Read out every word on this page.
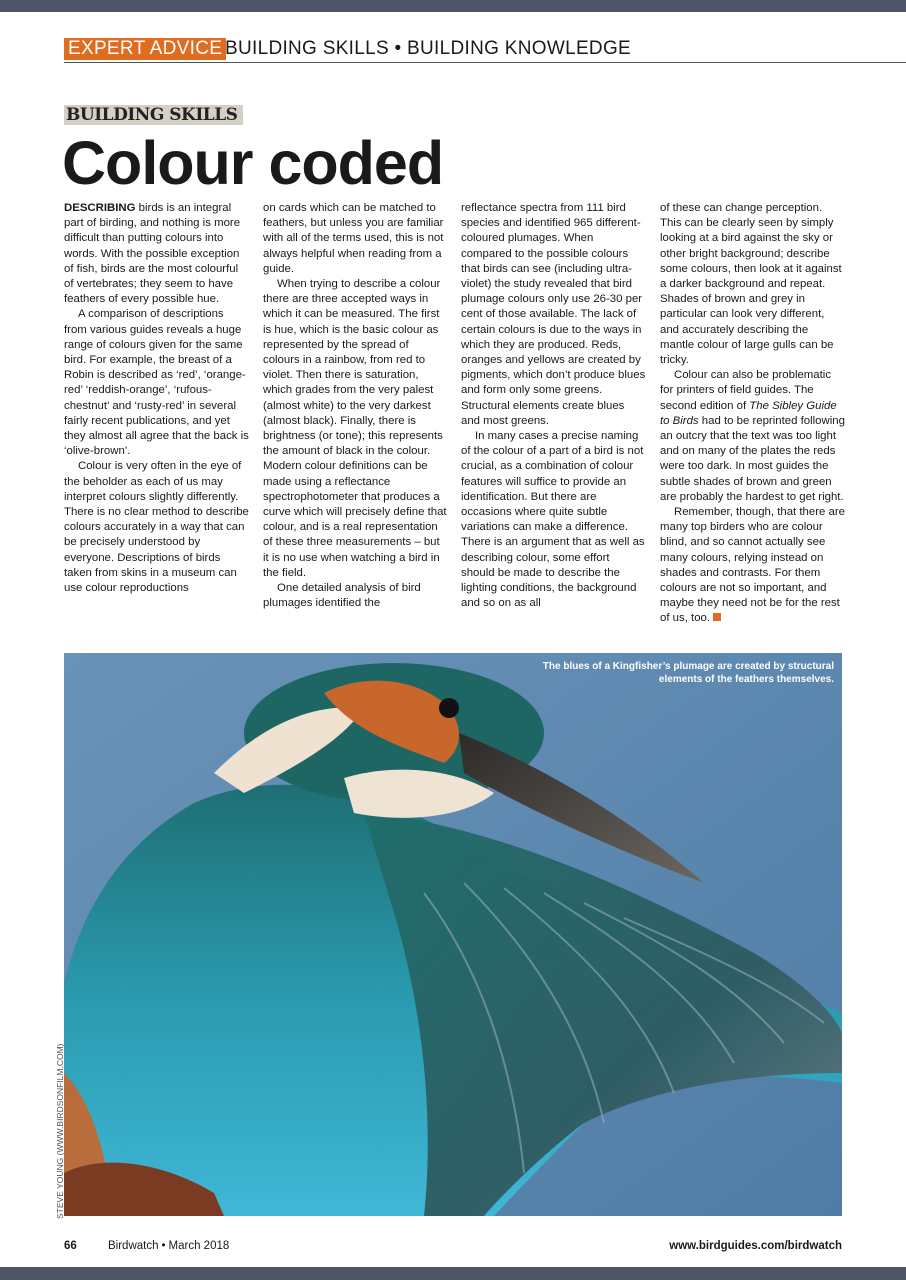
EXPERT ADVICE BUILDING SKILLS • BUILDING KNOWLEDGE
BUILDING SKILLS
Colour coded

DESCRIBING birds is an integral part of birding, and nothing is more difficult than putting colours into words. With the possible exception of fish, birds are the most colourful of vertebrates; they seem to have feathers of every possible hue.

A comparison of descriptions from various guides reveals a huge range of colours given for the same bird. For example, the breast of a Robin is described as ‘red’, ‘orange-red’ ‘reddish-orange’, ‘rufous-chestnut’ and ‘rusty-red’ in several fairly recent publications, and yet they almost all agree that the back is ‘olive-brown’.

Colour is very often in the eye of the beholder as each of us may interpret colours slightly differently. There is no clear method to describe colours accurately in a way that can be precisely understood by everyone. Descriptions of birds taken from skins in a museum can use colour reproductions

on cards which can be matched to feathers, but unless you are familiar with all of the terms used, this is not always helpful when reading from a guide.

When trying to describe a colour there are three accepted ways in which it can be measured. The first is hue, which is the basic colour as represented by the spread of colours in a rainbow, from red to violet. Then there is saturation, which grades from the very palest (almost white) to the very darkest (almost black). Finally, there is brightness (or tone); this represents the amount of black in the colour. Modern colour definitions can be made using a reflectance spectrophotometer that produces a curve which will precisely define that colour, and is a real representation of these three measurements – but it is no use when watching a bird in the field.

One detailed analysis of bird plumages identified the

reflectance spectra from 111 bird species and identified 965 different-coloured plumages. When compared to the possible colours that birds can see (including ultra-violet) the study revealed that bird plumage colours only use 26-30 per cent of those available. The lack of certain colours is due to the ways in which they are produced. Reds, oranges and yellows are created by pigments, which don’t produce blues and form only some greens. Structural elements create blues and most greens.

In many cases a precise naming of the colour of a part of a bird is not crucial, as a combination of colour features will suffice to provide an identification. But there are occasions where quite subtle variations can make a difference. There is an argument that as well as describing colour, some effort should be made to describe the lighting conditions, the background and so on as all

of these can change perception. This can be clearly seen by simply looking at a bird against the sky or other bright background; describe some colours, then look at it against a darker background and repeat. Shades of brown and grey in particular can look very different, and accurately describing the mantle colour of large gulls can be tricky.

Colour can also be problematic for printers of field guides. The second edition of The Sibley Guide to Birds had to be reprinted following an outcry that the text was too light and on many of the plates the reds were too dark. In most guides the subtle shades of brown and green are probably the hardest to get right.

Remember, though, that there are many top birders who are colour blind, and so cannot actually see many colours, relying instead on shades and contrasts. For them colours are not so important, and maybe they need not be for the rest of us, too.

The blues of a Kingfisher’s plumage are created by structural elements of the feathers themselves.

STEVE YOUNG (WWW.BIRDSONFILM.COM)
66	Birdwatch • March 2018	www.birdguides.com/birdwatch
